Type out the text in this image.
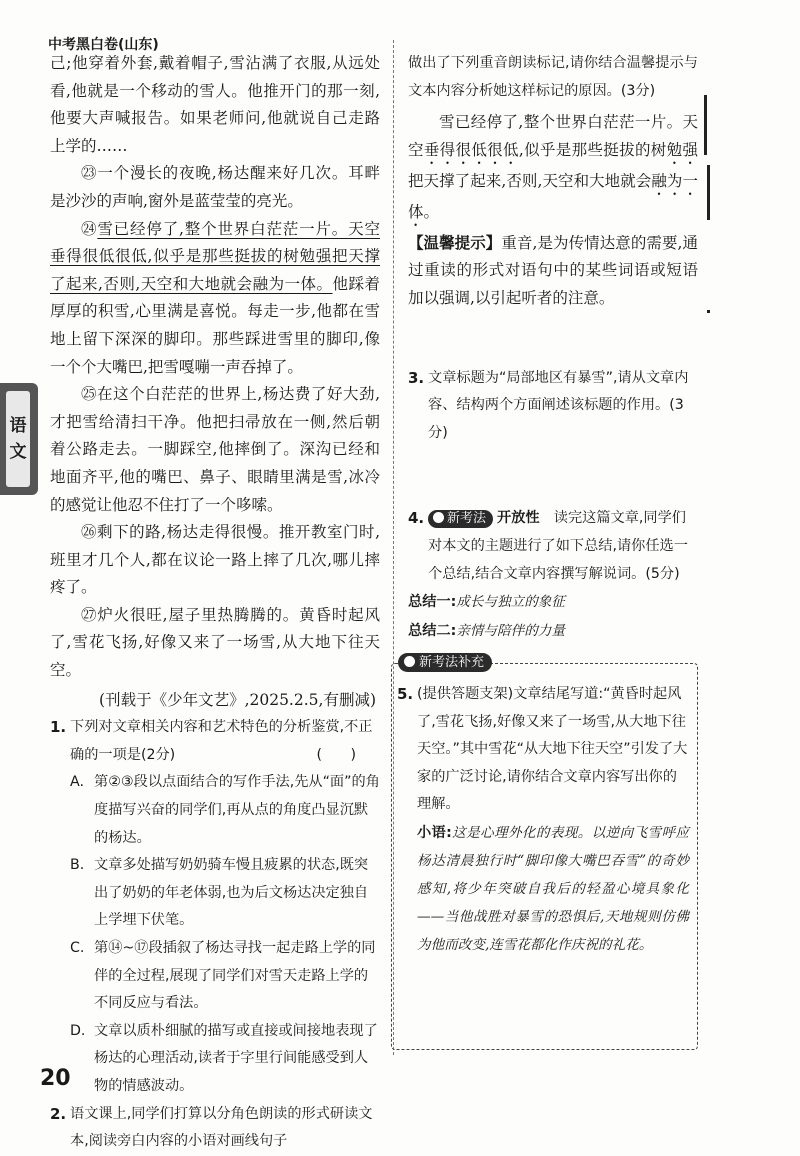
中考黑白卷(山东)
语
文

己;他穿着外套,戴着帽子,雪沾满了衣服,从远处看,他就是一个移动的雪人。他推开门的那一刻,他要大声喊报告。如果老师问,他就说自己走路上学的……

㉓一个漫长的夜晚,杨达醒来好几次。耳畔是沙沙的声响,窗外是蓝莹莹的亮光。

㉔雪已经停了,整个世界白茫茫一片。天空垂得很低很低,似乎是那些挺拔的树勉强把天撑了起来,否则,天空和大地就会融为一体。他踩着厚厚的积雪,心里满是喜悦。每走一步,他都在雪地上留下深深的脚印。那些踩进雪里的脚印,像一个个大嘴巴,把雪嘎嘣一声吞掉了。

㉕在这个白茫茫的世界上,杨达费了好大劲,才把雪给清扫干净。他把扫帚放在一侧,然后朝着公路走去。一脚踩空,他摔倒了。深沟已经和地面齐平,他的嘴巴、鼻子、眼睛里满是雪,冰冷的感觉让他忍不住打了一个哆嗦。

㉖剩下的路,杨达走得很慢。推开教室门时,班里才几个人,都在议论一路上摔了几次,哪儿摔疼了。

㉗炉火很旺,屋子里热腾腾的。黄昏时起风了,雪花飞扬,好像又来了一场雪,从大地下往天空。

(刊载于《少年文艺》,2025.2.5,有删减)

1. 下列对文章相关内容和艺术特色的分析鉴赏,不正确的一项是(2分)	(　　)

A. 第②③段以点面结合的写作手法,先从“面”的角度描写兴奋的同学们,再从点的角度凸显沉默的杨达。

B. 文章多处描写奶奶骑车慢且疲累的状态,既突出了奶奶的年老体弱,也为后文杨达决定独自上学埋下伏笔。

C. 第⑭~⑰段插叙了杨达寻找一起走路上学的同伴的全过程,展现了同学们对雪天走路上学的不同反应与看法。

D. 文章以质朴细腻的描写或直接或间接地表现了杨达的心理活动,读者于字里行间能感受到人物的情感波动。

2. 语文课上,同学们打算以分角色朗读的形式研读文本,阅读旁白内容的小语对画线句子

做出了下列重音朗读标记,请你结合温馨提示与文本内容分析她这样标记的原因。(3分)

雪已经停了,整个世界白茫茫一片。天空垂得很低很低,似乎是那些挺拔的树勉强把天撑了起来,否则,天空和大地就会融为一体。

【温馨提示】重音,是为传情达意的需要,通过重读的形式对语句中的某些词语或短语加以强调,以引起听者的注意。

3. 文章标题为“局部地区有暴雪”,请从文章内容、结构两个方面阐述该标题的作用。(3分)

4. 新考法 开放性　 读完这篇文章,同学们对本文的主题进行了如下总结,请你任选一个总结,结合文章内容撰写解说词。(5分)

总结一:成长与独立的象征

总结二:亲情与陪伴的力量

新考法补充

5. (提供答题支架)文章结尾写道:“黄昏时起风了,雪花飞扬,好像又来了一场雪,从大地下往天空。”其中雪花“从大地下往天空”引发了大家的广泛讨论,请你结合文章内容写出你的理解。

小语:这是心理外化的表现。以逆向飞雪呼应杨达清晨独行时“脚印像大嘴巴吞雪”的奇妙感知,将少年突破自我后的轻盈心境具象化——当他战胜对暴雪的恐惧后,天地规则仿佛为他而改变,连雪花都化作庆祝的礼花。

20
